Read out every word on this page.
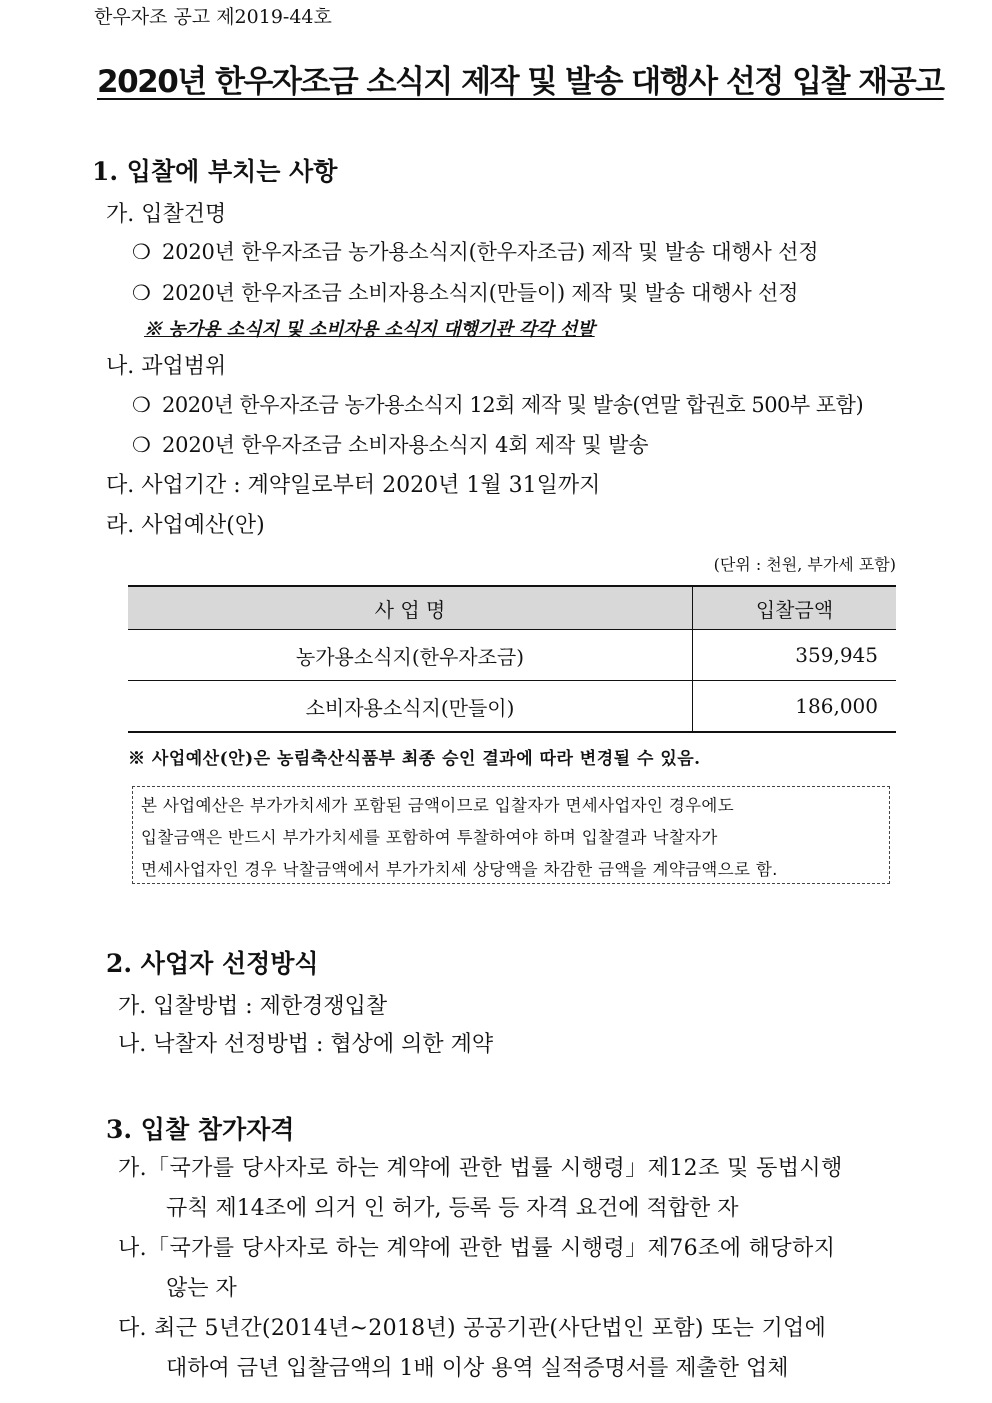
한우자조 공고 제2019-44호
2020년 한우자조금 소식지 제작 및 발송 대행사 선정 입찰 재공고
1. 입찰에 부치는 사항
가. 입찰건명
❍ 2020년 한우자조금 농가용소식지(한우자조금) 제작 및 발송 대행사 선정
❍ 2020년 한우자조금 소비자용소식지(만들이) 제작 및 발송 대행사 선정
※ 농가용 소식지 및 소비자용 소식지 대행기관 각각 선발
나. 과업범위
❍ 2020년 한우자조금 농가용소식지 12회 제작 및 발송(연말 합권호 500부 포함)
❍ 2020년 한우자조금 소비자용소식지 4회 제작 및 발송
다. 사업기간 : 계약일로부터 2020년 1월 31일까지
라. 사업예산(안)
(단위 : 천원, 부가세 포함)
사 업 명	입찰금액
농가용소식지(한우자조금)	359,945
소비자용소식지(만들이)	186,000
※ 사업예산(안)은 농림축산식품부 최종 승인 결과에 따라 변경될 수 있음.
본 사업예산은 부가가치세가 포함된 금액이므로 입찰자가 면세사업자인 경우에도
입찰금액은 반드시 부가가치세를 포함하여 투찰하여야 하며 입찰결과 낙찰자가
면세사업자인 경우 낙찰금액에서 부가가치세 상당액을 차감한 금액을 계약금액으로 함.
2. 사업자 선정방식
가. 입찰방법 : 제한경쟁입찰
나. 낙찰자 선정방법 : 협상에 의한 계약
3. 입찰 참가자격
가.「국가를 당사자로 하는 계약에 관한 법률 시행령」제12조 및 동법시행
규칙 제14조에 의거 인 허가, 등록 등 자격 요건에 적합한 자
나.「국가를 당사자로 하는 계약에 관한 법률 시행령」제76조에 해당하지
않는 자
다. 최근 5년간(2014년~2018년) 공공기관(사단법인 포함) 또는 기업에
대하여 금년 입찰금액의 1배 이상 용역 실적증명서를 제출한 업체
